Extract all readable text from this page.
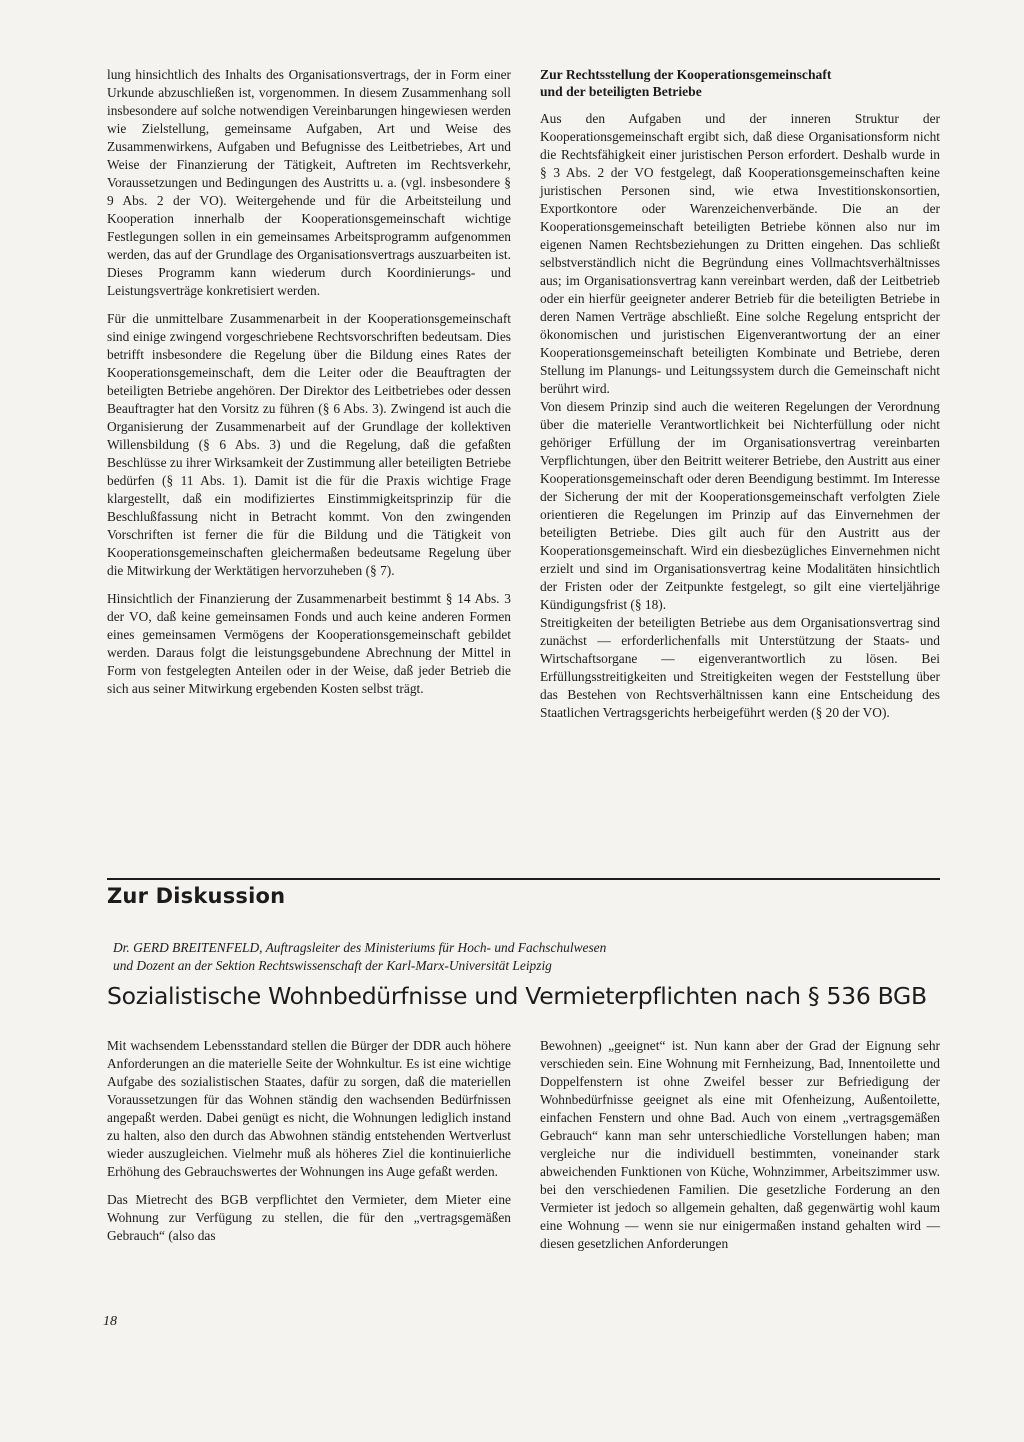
lung hinsichtlich des Inhalts des Organisationsvertrags, der in Form einer Urkunde abzuschließen ist, vorgenommen. In diesem Zusammenhang soll insbesondere auf solche notwendigen Vereinbarungen hingewiesen werden wie Zielstellung, gemeinsame Aufgaben, Art und Weise des Zusammenwirkens, Aufgaben und Befugnisse des Leitbetriebes, Art und Weise der Finanzierung der Tätigkeit, Auftreten im Rechtsverkehr, Voraussetzungen und Bedingungen des Austritts u. a. (vgl. insbesondere § 9 Abs. 2 der VO). Weitergehende und für die Arbeitsteilung und Kooperation innerhalb der Kooperationsgemeinschaft wichtige Festlegungen sollen in ein gemeinsames Arbeitsprogramm aufgenommen werden, das auf der Grundlage des Organisationsvertrags auszuarbeiten ist. Dieses Programm kann wiederum durch Koordinierungs- und Leistungsverträge konkretisiert werden.

Für die unmittelbare Zusammenarbeit in der Kooperationsgemeinschaft sind einige zwingend vorgeschriebene Rechtsvorschriften bedeutsam. Dies betrifft insbesondere die Regelung über die Bildung eines Rates der Kooperationsgemeinschaft, dem die Leiter oder die Beauftragten der beteiligten Betriebe angehören. Der Direktor des Leitbetriebes oder dessen Beauftragter hat den Vorsitz zu führen (§ 6 Abs. 3). Zwingend ist auch die Organisierung der Zusammenarbeit auf der Grundlage der kollektiven Willensbildung (§ 6 Abs. 3) und die Regelung, daß die gefaßten Beschlüsse zu ihrer Wirksamkeit der Zustimmung aller beteiligten Betriebe bedürfen (§ 11 Abs. 1). Damit ist die für die Praxis wichtige Frage klargestellt, daß ein modifiziertes Einstimmigkeitsprinzip für die Beschlußfassung nicht in Betracht kommt. Von den zwingenden Vorschriften ist ferner die für die Bildung und die Tätigkeit von Kooperationsgemeinschaften gleichermaßen bedeutsame Regelung über die Mitwirkung der Werktätigen hervorzuheben (§ 7).

Hinsichtlich der Finanzierung der Zusammenarbeit bestimmt § 14 Abs. 3 der VO, daß keine gemeinsamen Fonds und auch keine anderen Formen eines gemeinsamen Vermögens der Kooperationsgemeinschaft gebildet werden. Daraus folgt die leistungsgebundene Abrechnung der Mittel in Form von festgelegten Anteilen oder in der Weise, daß jeder Betrieb die sich aus seiner Mitwirkung ergebenden Kosten selbst trägt.

Zur Rechtsstellung der Kooperationsgemeinschaft
und der beteiligten Betriebe

Aus den Aufgaben und der inneren Struktur der Kooperationsgemeinschaft ergibt sich, daß diese Organisationsform nicht die Rechtsfähigkeit einer juristischen Person erfordert. Deshalb wurde in § 3 Abs. 2 der VO festgelegt, daß Kooperationsgemeinschaften keine juristischen Personen sind, wie etwa Investitionskonsortien, Exportkontore oder Warenzeichenverbände. Die an der Kooperationsgemeinschaft beteiligten Betriebe können also nur im eigenen Namen Rechtsbeziehungen zu Dritten eingehen. Das schließt selbstverständlich nicht die Begründung eines Vollmachtsverhältnisses aus; im Organisationsvertrag kann vereinbart werden, daß der Leitbetrieb oder ein hierfür geeigneter anderer Betrieb für die beteiligten Betriebe in deren Namen Verträge abschließt. Eine solche Regelung entspricht der ökonomischen und juristischen Eigenverantwortung der an einer Kooperationsgemeinschaft beteiligten Kombinate und Betriebe, deren Stellung im Planungs- und Leitungssystem durch die Gemeinschaft nicht berührt wird.

Von diesem Prinzip sind auch die weiteren Regelungen der Verordnung über die materielle Verantwortlichkeit bei Nichterfüllung oder nicht gehöriger Erfüllung der im Organisationsvertrag vereinbarten Verpflichtungen, über den Beitritt weiterer Betriebe, den Austritt aus einer Kooperationsgemeinschaft oder deren Beendigung bestimmt. Im Interesse der Sicherung der mit der Kooperationsgemeinschaft verfolgten Ziele orientieren die Regelungen im Prinzip auf das Einvernehmen der beteiligten Betriebe. Dies gilt auch für den Austritt aus der Kooperationsgemeinschaft. Wird ein diesbezügliches Einvernehmen nicht erzielt und sind im Organisationsvertrag keine Modalitäten hinsichtlich der Fristen oder der Zeitpunkte festgelegt, so gilt eine vierteljährige Kündigungsfrist (§ 18).

Streitigkeiten der beteiligten Betriebe aus dem Organisationsvertrag sind zunächst — erforderlichenfalls mit Unterstützung der Staats- und Wirtschaftsorgane — eigenverantwortlich zu lösen. Bei Erfüllungsstreitigkeiten und Streitigkeiten wegen der Feststellung über das Bestehen von Rechtsverhältnissen kann eine Entscheidung des Staatlichen Vertragsgerichts herbeigeführt werden (§ 20 der VO).

Zur Diskussion

Dr. GERD BREITENFELD, Auftragsleiter des Ministeriums für Hoch- und Fachschulwesen
und Dozent an der Sektion Rechtswissenschaft der Karl-Marx-Universität Leipzig

Sozialistische Wohnbedürfnisse und Vermieterpflichten nach § 536 BGB

Mit wachsendem Lebensstandard stellen die Bürger der DDR auch höhere Anforderungen an die materielle Seite der Wohnkultur. Es ist eine wichtige Aufgabe des sozialistischen Staates, dafür zu sorgen, daß die materiellen Voraussetzungen für das Wohnen ständig den wachsenden Bedürfnissen angepaßt werden. Dabei genügt es nicht, die Wohnungen lediglich instand zu halten, also den durch das Abwohnen ständig entstehenden Wertverlust wieder auszugleichen. Vielmehr muß als höheres Ziel die kontinuierliche Erhöhung des Gebrauchswertes der Wohnungen ins Auge gefaßt werden.

Das Mietrecht des BGB verpflichtet den Vermieter, dem Mieter eine Wohnung zur Verfügung zu stellen, die für den „vertragsgemäßen Gebrauch“ (also das

Bewohnen) „geeignet“ ist. Nun kann aber der Grad der Eignung sehr verschieden sein. Eine Wohnung mit Fernheizung, Bad, Innentoilette und Doppelfenstern ist ohne Zweifel besser zur Befriedigung der Wohnbedürfnisse geeignet als eine mit Ofenheizung, Außentoilette, einfachen Fenstern und ohne Bad. Auch von einem „vertragsgemäßen Gebrauch“ kann man sehr unterschiedliche Vorstellungen haben; man vergleiche nur die individuell bestimmten, voneinander stark abweichenden Funktionen von Küche, Wohnzimmer, Arbeitszimmer usw. bei den verschiedenen Familien. Die gesetzliche Forderung an den Vermieter ist jedoch so allgemein gehalten, daß gegenwärtig wohl kaum eine Wohnung — wenn sie nur einigermaßen instand gehalten wird — diesen gesetzlichen Anforderungen

18
